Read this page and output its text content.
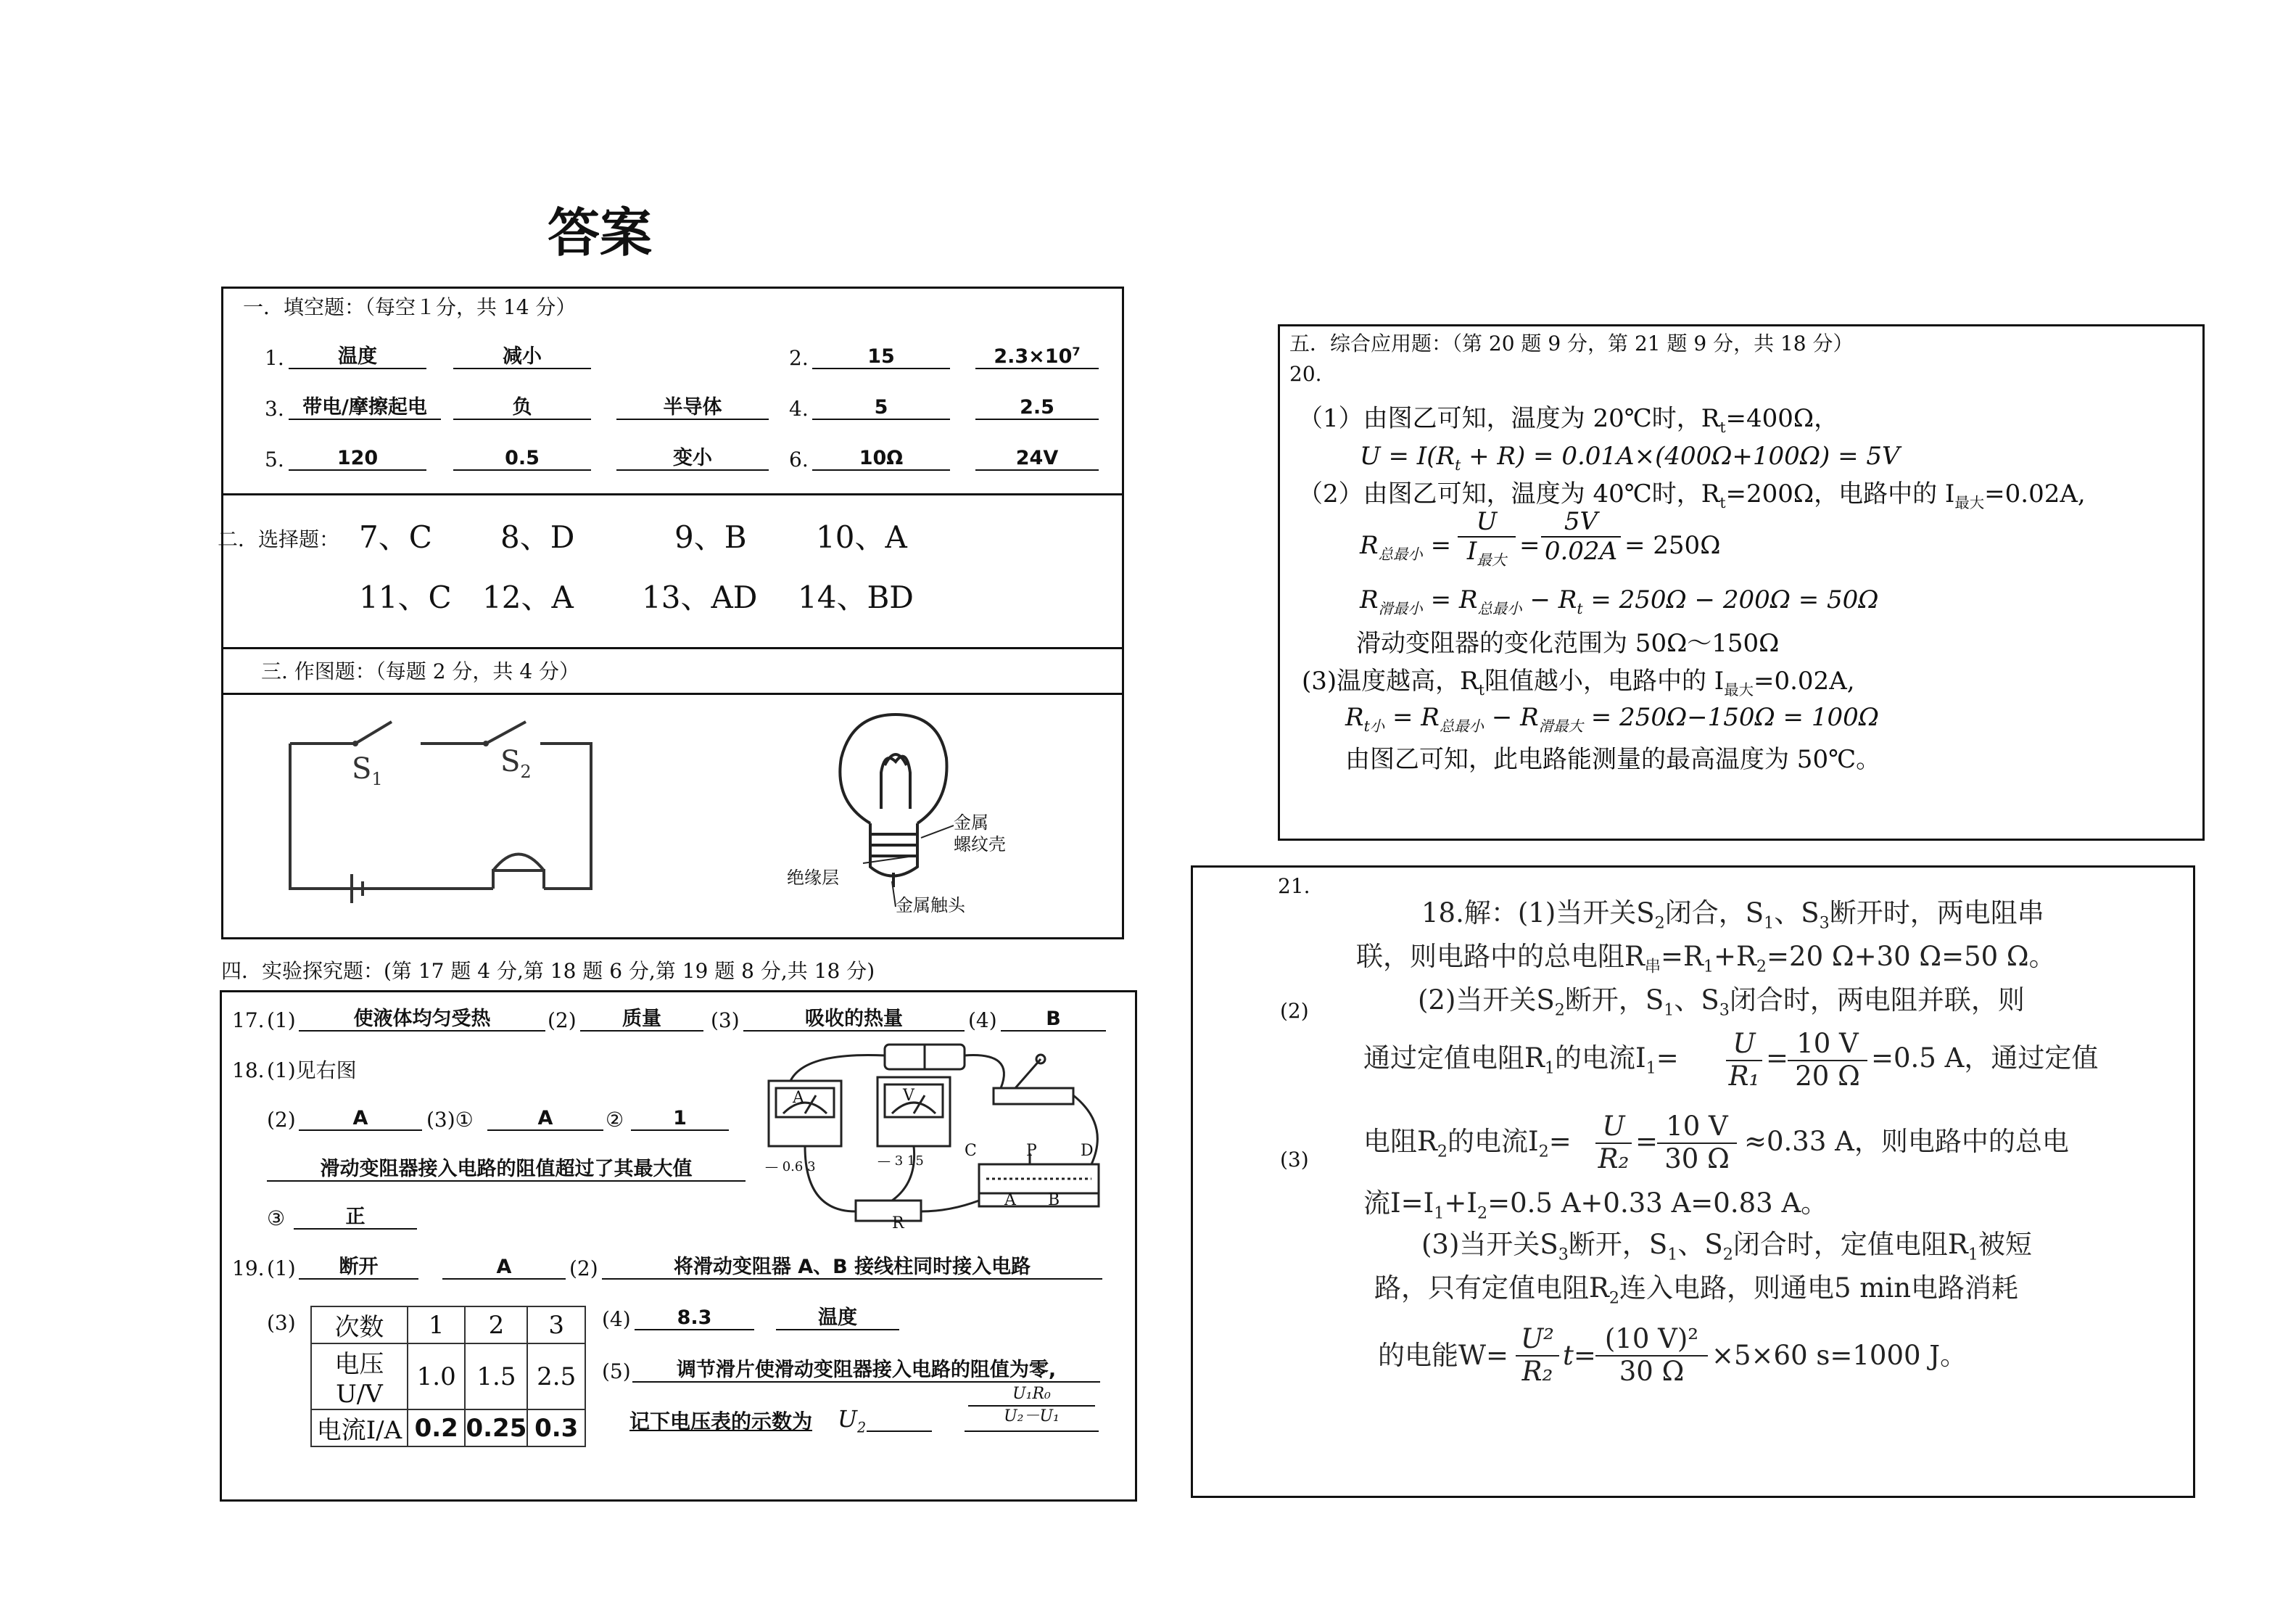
答案
一．填空题：（每空１分，共 14 分）
1.	温度	减小	2.	15	$2.3\times 10^7$
3. 带电/摩擦起电	负	半导体	4.	5	2.5
5.	120	0.5	变小	6.	10Ω	24V
二．选择题： 7、C 8、D	9、B 10、A
11、C 12、A 13、AD 14、BD
三. 作图题：（每题 2 分，共 4 分）
$S_1$
$S_2$
金属
螺纹壳
绝缘层
金属触头
四．实验探究题：(第 17 题 4 分,第 18 题 6 分,第 19 题 8 分,共 18 分)
17. (1)	使液体均匀受热	(2)	质量	(3)	吸收的热量	(4)	B
18. (1)见右图
(2)	A	(3)①	A	②	1
滑动变阻器接入电路的阻值超过了其最大值
③	正
A	V
R
— 0.6 3	— 3 15
C	P	D
A B
19. (1)	断开	A	(2)	将滑动变阻器 A、B 接线柱同时接入电路
(3) 次数	1	2	3
电压U/V	1.0	1.5	2.5
电流I/A	0.2	0.25	0.3
(4)	8.3	温度
(5)	调节滑片使滑动变阻器接入电路的阻值为零,
记下电压表的示数为 $U_2$
$\frac{\text{U₁R₀}}{\text{U₂－U₁}}$
五．综合应用题：（第 20 题 9 分，第 21 题 9 分，共 18 分）
20.
（1）由图乙可知，温度为 20℃时，$R_t=400\Omega$，
$U = I(R_t + R) = 0.01A\times(400\Omega+100\Omega) = 5V$
（2）由图乙可知，温度为 40℃时，$R_t=200\Omega$，电路中的 $I_{最大}=0.02A$,
$R_{总最小}$ =
U
$I_{最大} = \frac{5V}{0.02A} = 250\Omega$
$R_{滑最小} = R_{总最小} - R_t = 250\Omega - 200\Omega = 50\Omega$
滑动变阻器的变化范围为 50Ω～150Ω
(3)温度越高，$R_t$阻值越小，电路中的 $I_{最大}=0.02A$,
$R_{t小} = R_{总最小} - R_{滑最大} = 250\Omega-150\Omega = 100\Omega$
由图乙可知，此电路能测量的最高温度为 50℃。
21.
(2)
(3)
18.解：(1)当开关$S_2$闭合，$S_1$、$S_3$断开时，两电阻串
联，则电路中的总电阻$R_串=R_1+R_2=20$ Ω+30 Ω=50 Ω。
(2)当开关$S_2$断开，$S_1$、$S_3$闭合时，两电阻并联，则
通过定值电阻$R_1$的电流$I_1= \frac{U}{\text{R₁}}$ =
$\frac{10 V}{20 \Omega} =0.5$ A，通过定值
电阻$R_2$的电流$I_2= \frac{U}{\text{R₂}}$ =
$\frac{10 V}{30 \Omega} \approx 0.33$ A，则电路中的总电
流$I=I_1+I_2=0.5$ A+0.33 A=0.83 A。
(3)当开关$S_3$断开，$S_1$、$S_2$闭合时，定值电阻$R_1$被短
路，只有定值电阻$R_2$连入电路，则通电5 min电路消耗
的电能$W= \frac{\text{U²}}{\text{R₂}} t= \frac{\text{(10 V)²}}{30 \Omega} \times 5\times 60$ s=1000 J。
